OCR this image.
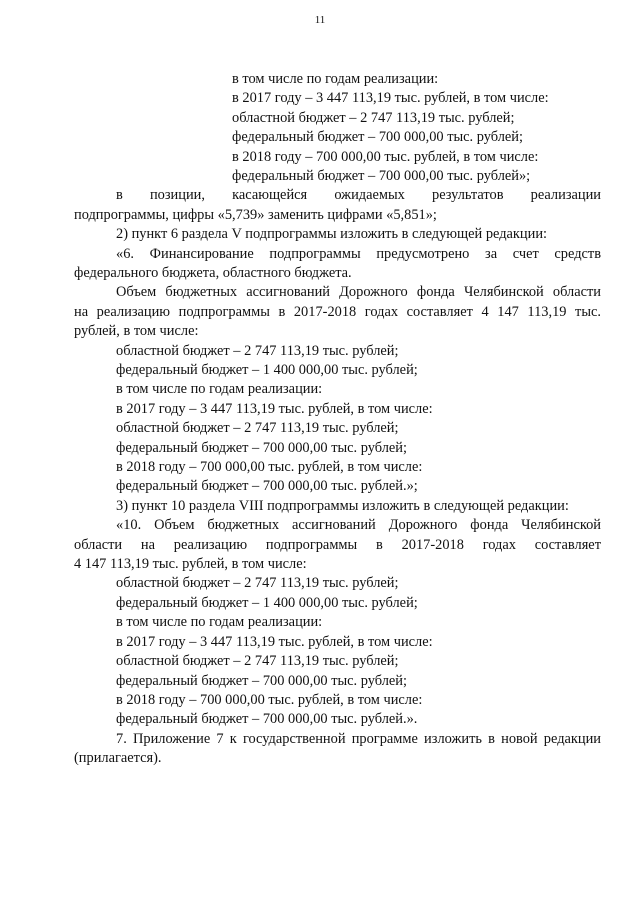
11
в том числе по годам реализации:
в 2017 году – 3 447 113,19 тыс. рублей, в том числе:
областной бюджет – 2 747 113,19 тыс. рублей;
федеральный бюджет – 700 000,00 тыс. рублей;
в 2018 году – 700 000,00 тыс. рублей, в том числе:
федеральный бюджет – 700 000,00 тыс. рублей»;
в позиции, касающейся ожидаемых результатов реализации
подпрограммы, цифры «5,739» заменить цифрами «5,851»;
2) пункт 6 раздела V подпрограммы изложить в следующей редакции:
«6. Финансирование подпрограммы предусмотрено за счет средств
федерального бюджета, областного бюджета.
Объем бюджетных ассигнований Дорожного фонда Челябинской области
на реализацию подпрограммы в 2017-2018 годах составляет 4 147 113,19 тыс.
рублей, в том числе:
областной бюджет – 2 747 113,19 тыс. рублей;
федеральный бюджет – 1 400 000,00 тыс. рублей;
в том числе по годам реализации:
в 2017 году – 3 447 113,19 тыс. рублей, в том числе:
областной бюджет – 2 747 113,19 тыс. рублей;
федеральный бюджет – 700 000,00 тыс. рублей;
в 2018 году – 700 000,00 тыс. рублей, в том числе:
федеральный бюджет – 700 000,00 тыс. рублей.»;
3) пункт 10 раздела VIII подпрограммы изложить в следующей редакции:
«10. Объем бюджетных ассигнований Дорожного фонда Челябинской
области на реализацию подпрограммы в 2017-2018 годах составляет
4 147 113,19 тыс. рублей, в том числе:
областной бюджет – 2 747 113,19 тыс. рублей;
федеральный бюджет – 1 400 000,00 тыс. рублей;
в том числе по годам реализации:
в 2017 году – 3 447 113,19 тыс. рублей, в том числе:
областной бюджет – 2 747 113,19 тыс. рублей;
федеральный бюджет – 700 000,00 тыс. рублей;
в 2018 году – 700 000,00 тыс. рублей, в том числе:
федеральный бюджет – 700 000,00 тыс. рублей.».
7. Приложение 7 к государственной программе изложить в новой редакции
(прилагается).
